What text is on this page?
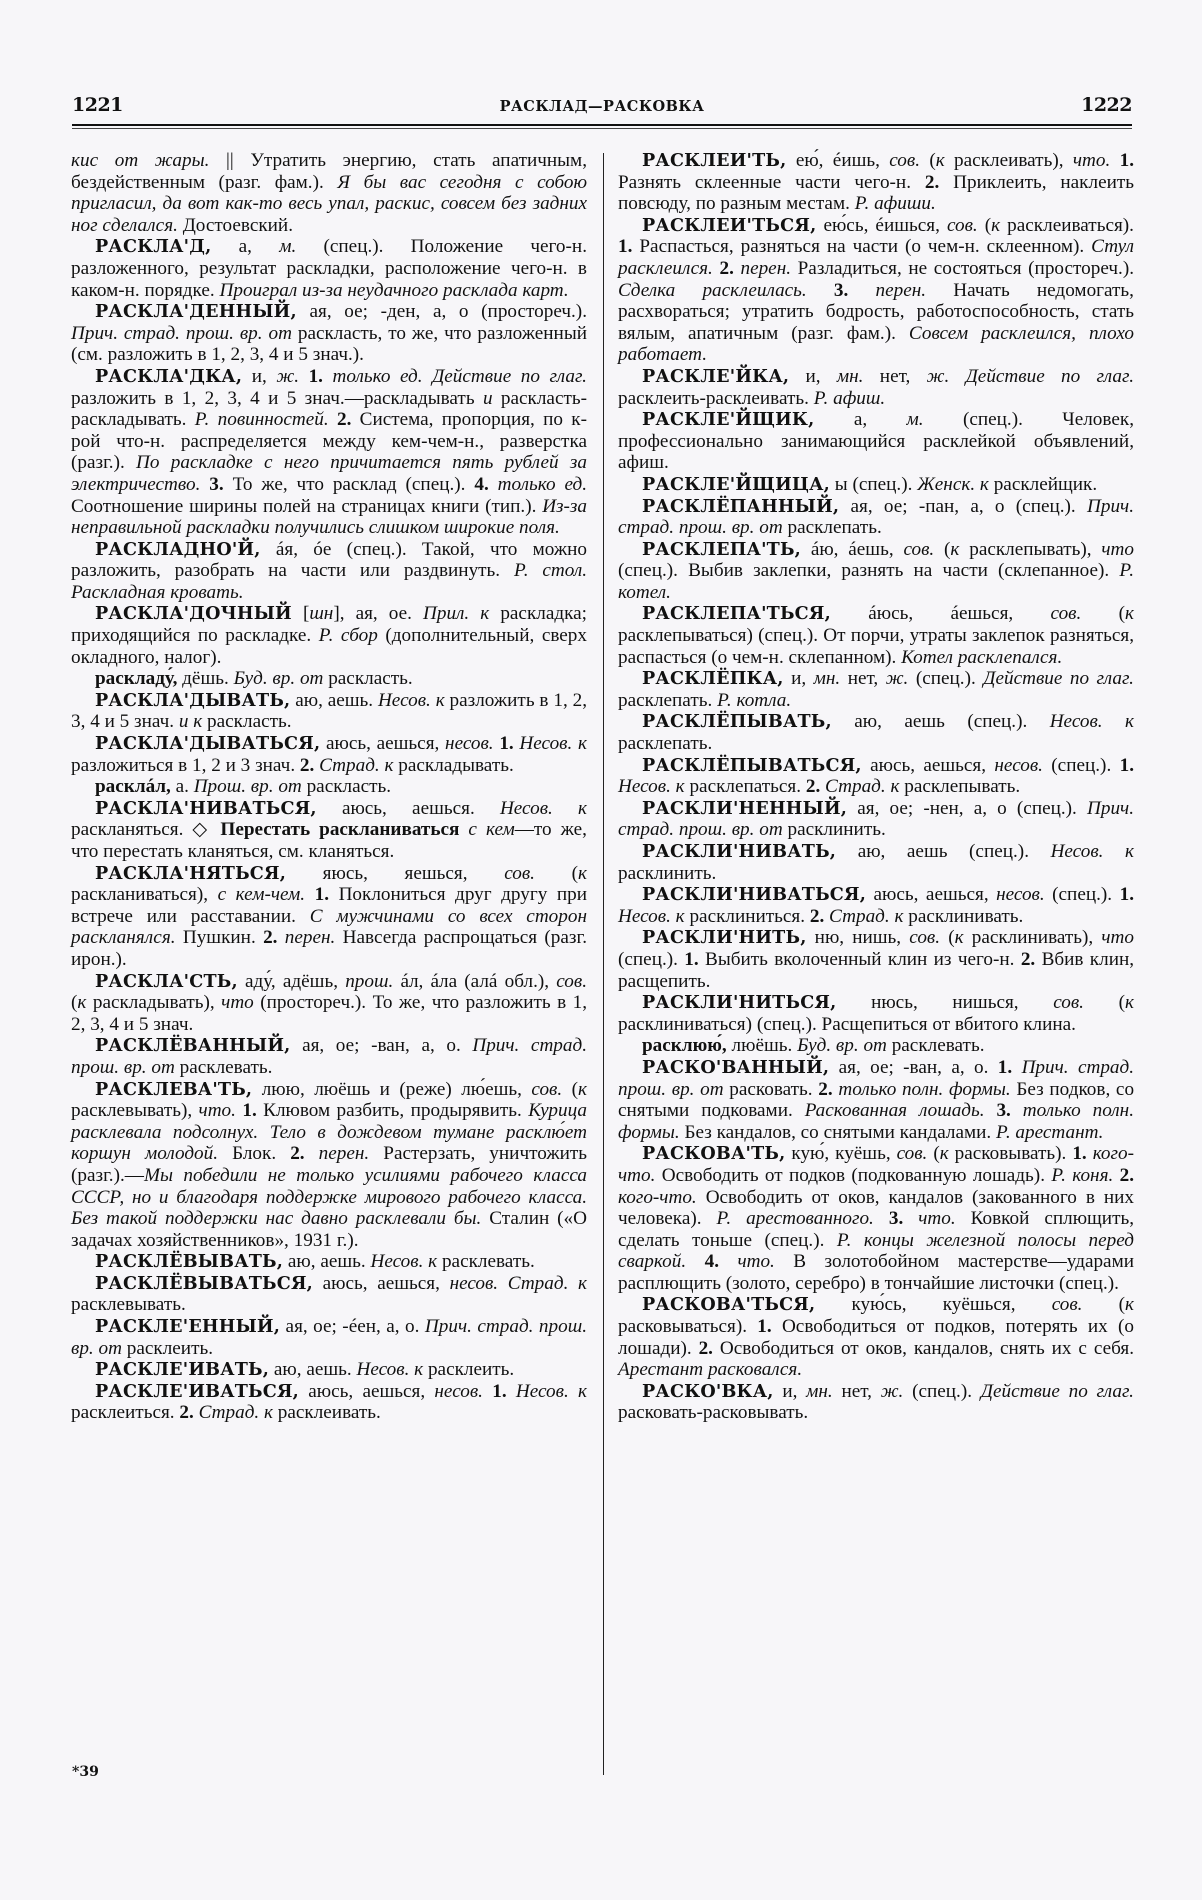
1221	РАСКЛАД—РАСКОВКА	1222

кис от жары. || Утратить энергию, стать апатичным, бездейственным (разг. фам.). Я бы вас сегодня с собою пригласил, да вот как-то весь упал, раскис, совсем без задних ног сделался. Достоевский.

РАСКЛА'Д, а, м. (спец.). Положение чего-н. разложенного, результат раскладки, расположение чего-н. в каком-н. порядке. Проиграл из-за неудачного расклада карт.

РАСКЛА'ДЕННЫЙ, ая, ое; -ден, а, о (простореч.). Прич. страд. прош. вр. от расклaсть, то же, что разложенный (см. разложить в 1, 2, 3, 4 и 5 знач.).

РАСКЛА'ДКА, и, ж. 1. только ед. Действие по глаг. разложить в 1, 2, 3, 4 и 5 знач.—раскладывать и расклaсть-раскладывать. Р. повинностей. 2. Система, пропорция, по к-рой что-н. распределяется между кем-чем-н., разверстка (разг.). По раскладке с него причитается пять рублей за электричество. 3. То же, что расклад (спец.). 4. только ед. Соотношение ширины полей на страницах книги (тип.). Из-за неправильной раскладки получились слишком широкие поля.

РАСКЛАДНО'Й, áя, óе (спец.). Такой, что можно разложить, разобрать на части или раздвинуть. Р. стол. Раскладная кровать.

РАСКЛА'ДОЧНЫЙ [шн], ая, ое. Прил. к раскладка; приходящийся по раскладке. Р. сбор (дополнительный, сверх окладного, налог).

раскладу́, дёшь. Буд. вр. от расклaсть.

РАСКЛА'ДЫВАТЬ, аю, аешь. Несов. к разложить в 1, 2, 3, 4 и 5 знач. и к расклaсть.

РАСКЛА'ДЫВАТЬСЯ, аюсь, аешься, несов. 1. Несов. к разложиться в 1, 2 и 3 знач. 2. Страд. к раскладывать.

расклáл, а. Прош. вр. от расклaсть.

РАСКЛА'НИВАТЬСЯ, аюсь, аешься. Несов. к раскланяться. ◇ Перестать раскланиваться с кем—то же, что перестать кланяться, см. кланяться.

РАСКЛА'НЯТЬСЯ, яюсь, яешься, сов. (к раскланиваться), с кем-чем. 1. Поклониться друг другу при встрече или расставании. С мужчинами со всех сторон раскланялся. Пушкин. 2. перен. Навсегда распрощаться (разг. ирон.).

РАСКЛА'СТЬ, аду́, адёшь, прош. áл, áла (алá обл.), сов. (к раскладывать), что (простореч.). То же, что разложить в 1, 2, 3, 4 и 5 знач.

РАСКЛЁВАННЫЙ, ая, ое; -ван, а, о. Прич. страд. прош. вр. от расклевать.

РАСКЛЕВА'ТЬ, люю, люёшь и (реже) лю́ешь, сов. (к расклевывать), что. 1. Клювом разбить, продырявить. Курица расклевала подсолнух. Тело в дождевом тумане расклю́ет коршун молодой. Блок. 2. перен. Растерзать, уничтожить (разг.).—Мы победили не только усилиями рабочего класса СССР, но и благодаря поддержке мирового рабочего класса. Без такой поддержки нас давно расклевали бы. Сталин («О задачах хозяйственников», 1931 г.).

РАСКЛЁВЫВАТЬ, аю, аешь. Несов. к расклевать.

РАСКЛЁВЫВАТЬСЯ, аюсь, аешься, несов. Страд. к расклевывать.

РАСКЛЕ'ЕННЫЙ, ая, ое; -éен, а, о. Прич. страд. прош. вр. от расклеить.

РАСКЛЕ'ИВАТЬ, аю, аешь. Несов. к расклеить.

РАСКЛЕ'ИВАТЬСЯ, аюсь, аешься, несов. 1. Несов. к расклеиться. 2. Страд. к расклеивать.

РАСКЛЕИ'ТЬ, ею́, éишь, сов. (к расклеивать), что. 1. Разнять склеенные части чего-н. 2. Приклеить, наклеить повсюду, по разным местам. Р. афиши.

РАСКЛЕИ'ТЬСЯ, ею́сь, éишься, сов. (к расклеиваться). 1. Распасться, разняться на части (о чем-н. склеенном). Стул расклеился. 2. перен. Разладиться, не состояться (простореч.). Сделка расклеилась. 3. перен. Начать недомогать, расхвораться; утратить бодрость, работоспособность, стать вялым, апатичным (разг. фам.). Совсем расклеился, плохо работает.

РАСКЛЕ'ЙКА, и, мн. нет, ж. Действие по глаг. расклеить-расклеивать. Р. афиш.

РАСКЛЕ'ЙЩИК, а, м. (спец.). Человек, профессионально занимающийся расклейкой объявлений, афиш.

РАСКЛЕ'ЙЩИЦА, ы (спец.). Женск. к расклейщик.

РАСКЛЁПАННЫЙ, ая, ое; -пан, а, о (спец.). Прич. страд. прош. вр. от расклепать.

РАСКЛЕПА'ТЬ, áю, áешь, сов. (к расклепывать), что (спец.). Выбив заклепки, разнять на части (склепанное). Р. котел.

РАСКЛЕПА'ТЬСЯ, áюсь, áешься, сов. (к расклепываться) (спец.). От порчи, утраты заклепок разняться, распасться (о чем-н. склепанном). Котел расклепался.

РАСКЛЁПКА, и, мн. нет, ж. (спец.). Действие по глаг. расклепать. Р. котла.

РАСКЛЁПЫВАТЬ, аю, аешь (спец.). Несов. к расклепать.

РАСКЛЁПЫВАТЬСЯ, аюсь, аешься, несов. (спец.). 1. Несов. к расклепаться. 2. Страд. к расклепывать.

РАСКЛИ'НЕННЫЙ, ая, ое; -нен, а, о (спец.). Прич. страд. прош. вр. от расклинить.

РАСКЛИ'НИВАТЬ, аю, аешь (спец.). Несов. к расклинить.

РАСКЛИ'НИВАТЬСЯ, аюсь, аешься, несов. (спец.). 1. Несов. к расклиниться. 2. Страд. к расклинивать.

РАСКЛИ'НИТЬ, ню, нишь, сов. (к расклинивать), что (спец.). 1. Выбить вколоченный клин из чего-н. 2. Вбив клин, расщепить.

РАСКЛИ'НИТЬСЯ, нюсь, нишься, сов. (к расклиниваться) (спец.). Расщепиться от вбитого клина.

расклюю́, люёшь. Буд. вр. от расклевать.

РАСКО'ВАННЫЙ, ая, ое; -ван, а, о. 1. Прич. страд. прош. вр. от расковать. 2. только полн. формы. Без подков, со снятыми подковами. Расковaнная лошадь. 3. только полн. формы. Без кандалов, со снятыми кандалами. Р. арестант.

РАСКОВА'ТЬ, кую́, куёшь, сов. (к расковывать). 1. кого-что. Освободить от подков (подкованную лошадь). Р. коня. 2. кого-что. Освободить от оков, кандалов (закованного в них человека). Р. арестованного. 3. что. Ковкой сплющить, сделать тоньше (спец.). Р. концы железной полосы перед сваркой. 4. что. В золотобойном мастерстве—ударами расплющить (золото, серебро) в тончайшие листочки (спец.).

РАСКОВА'ТЬСЯ, кую́сь, куёшься, сов. (к расковываться). 1. Освободиться от подков, потерять их (о лошади). 2. Освободиться от оков, кандалов, снять их с себя. Арестант расковался.

РАСКО'ВКА, и, мн. нет, ж. (спец.). Действие по глаг. расковать-расковывать.

*39
